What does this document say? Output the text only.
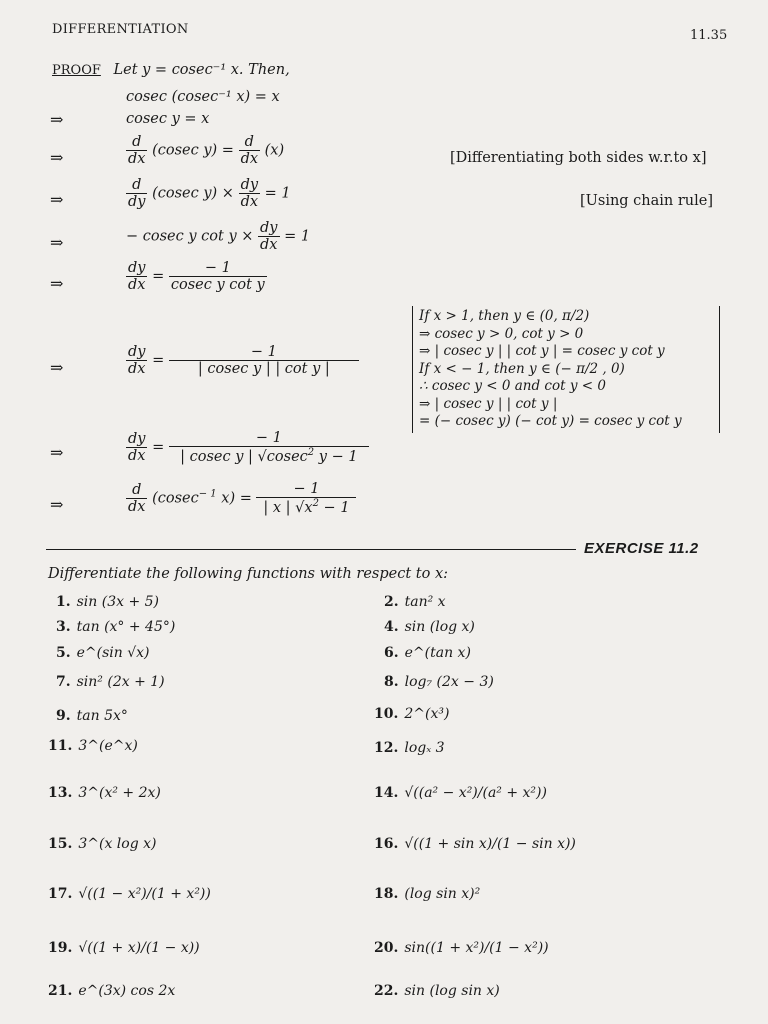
DIFFERENTIATION	11.35
PROOF Let y = cosec⁻¹ x. Then,
cosec (cosec⁻¹ x) = x
⇒	cosec y = x
⇒	$\frac{d}{dx} (cosec$ $y) = \frac{d}{dx} (x)$	[Differentiating both sides w.r.to x]
⇒	$\frac{d}{dy} (cosec$ $y) \times \frac{dy}{dx} = 1$	[Using chain rule]
⇒	− cosec y $\cot y \times \frac{dy}{dx} = 1$
⇒	$\frac{dy}{dx} = \frac{- 1}{\text{cosec y cot y}}$
If x > 1, then y ∈ (0, π/2)
⇒ cosec y > 0, cot y > 0
⇒ | cosec y | | cot y | = cosec y cot y
If x < − 1, then y ∈ (− π/2 , 0)
∴ cosec y < 0 and cot y < 0
⇒ | cosec y | | cot y |
= (− cosec y) (− cot y) = cosec y cot y
⇒	$\frac{dy}{dx} = \frac{- 1}{\text{| cosec y | | cot y |}}$
⇒	$\frac{dy}{dx} = \frac{- 1}{| cosec y | √cosec^2 y - 1}$
⇒	$\frac{d}{dx} (cosec^{- 1}$ $x) = \frac{- 1}{| x | √x^2 - 1}$
EXERCISE 11.2
Differentiate the following functions with respect to x:
1. sin (3x + 5)	2. tan² x
3. tan (x° + 45°)	4. sin (log x)
5. e^(sin √x)	6. e^(tan x)
7. sin² (2x + 1)	8. log₇ (2x − 3)
9. tan 5x°	10. 2^(x³)
11. 3^(e^x)	12. logₓ 3
13. 3^(x² + 2x)	14. √((a² − x²)/(a² + x²))
15. 3^(x log x)	16. √((1 + sin x)/(1 − sin x))
17. √((1 − x²)/(1 + x²))	18. (log sin x)²
19. √((1 + x)/(1 − x))	20. sin((1 + x²)/(1 − x²))
21. e^(3x) cos 2x	22. sin (log sin x)
